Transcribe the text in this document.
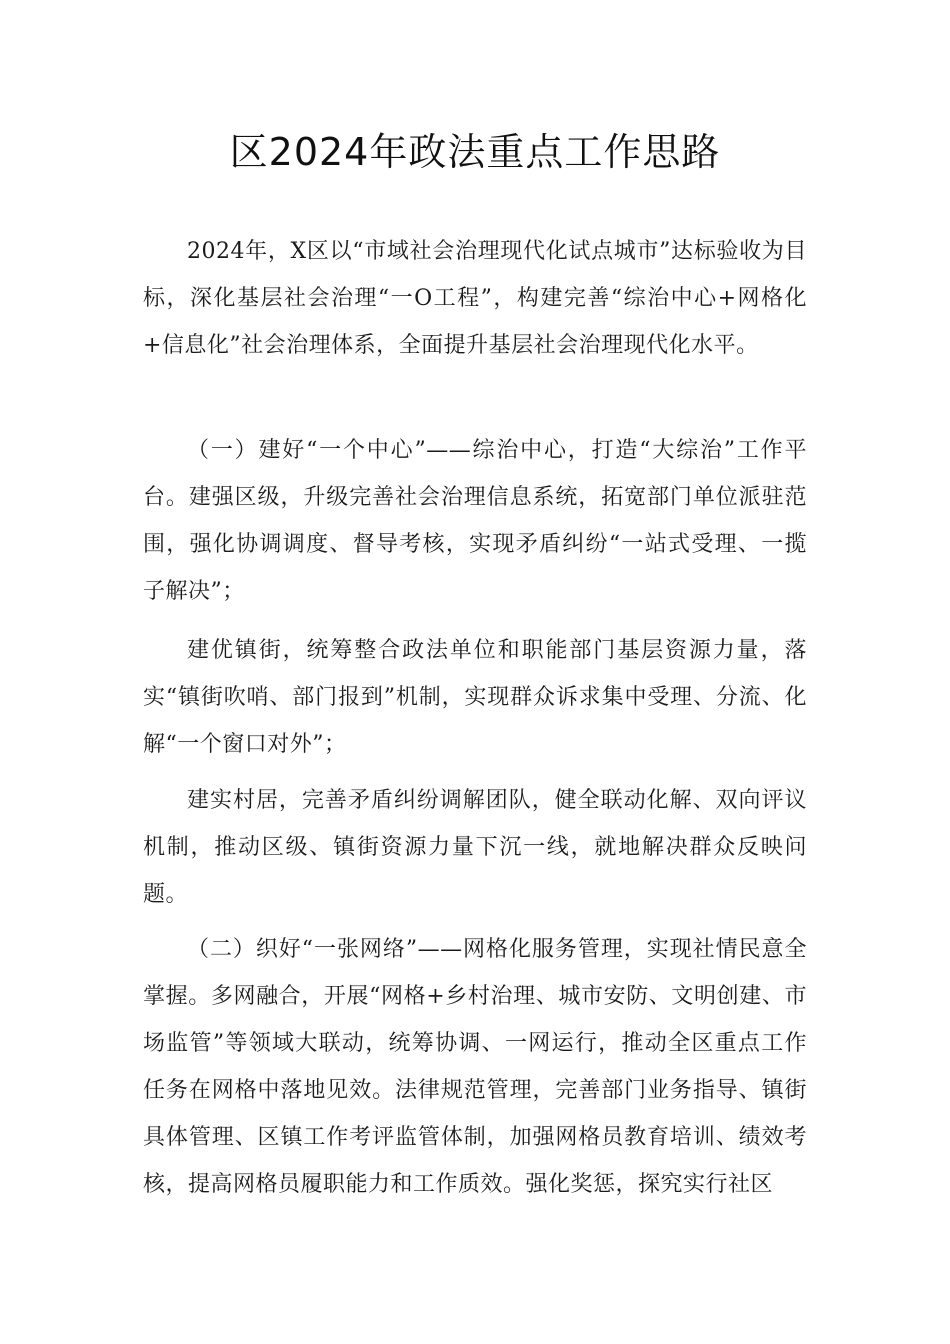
区2024年政法重点工作思路

2024年，X区以“市域社会治理现代化试点城市”达标验收为目标，深化基层社会治理“一O工程”，构建完善“综治中心+网格化+信息化”社会治理体系，全面提升基层社会治理现代化水平。

（一）建好“一个中心”——综治中心，打造“大综治”工作平台。建强区级，升级完善社会治理信息系统，拓宽部门单位派驻范围，强化协调调度、督导考核，实现矛盾纠纷“一站式受理、一揽子解决”；

建优镇街，统筹整合政法单位和职能部门基层资源力量，落实“镇街吹哨、部门报到”机制，实现群众诉求集中受理、分流、化解“一个窗口对外”；

建实村居，完善矛盾纠纷调解团队，健全联动化解、双向评议机制，推动区级、镇街资源力量下沉一线，就地解决群众反映问题。

（二）织好“一张网络”——网格化服务管理，实现社情民意全掌握。多网融合，开展“网格+乡村治理、城市安防、文明创建、市场监管”等领域大联动，统筹协调、一网运行，推动全区重点工作任务在网格中落地见效。法律规范管理，完善部门业务指导、镇街具体管理、区镇工作考评监管体制，加强网格员教育培训、绩效考核，提高网格员履职能力和工作质效。强化奖惩，探究实行社区
